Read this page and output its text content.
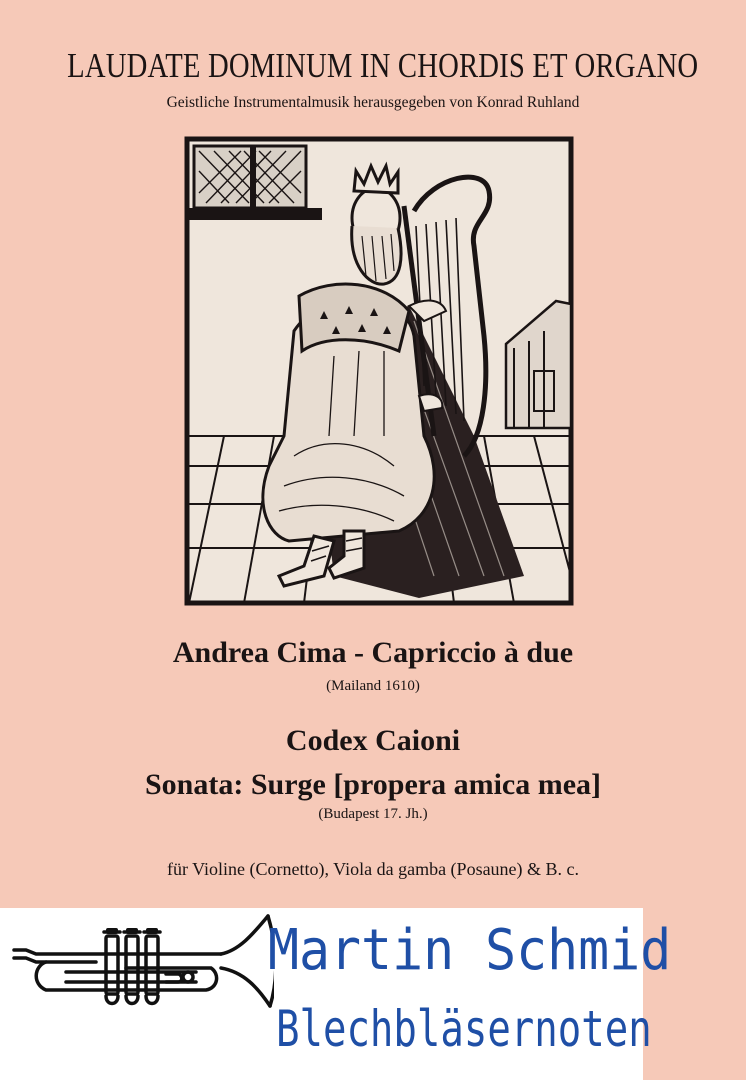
LAUDATE DOMINUM IN CHORDIS ET ORGANO
Geistliche Instrumentalmusik herausgegeben von Konrad Ruhland
Andrea Cima - Capriccio à due
(Mailand 1610)
Codex Caioni
Sonata: Surge [propera amica mea]
(Budapest 17. Jh.)
für Violine (Cornetto), Viola da gamba (Posaune) & B. c.
Martin Schmid
Blechbläsernoten
